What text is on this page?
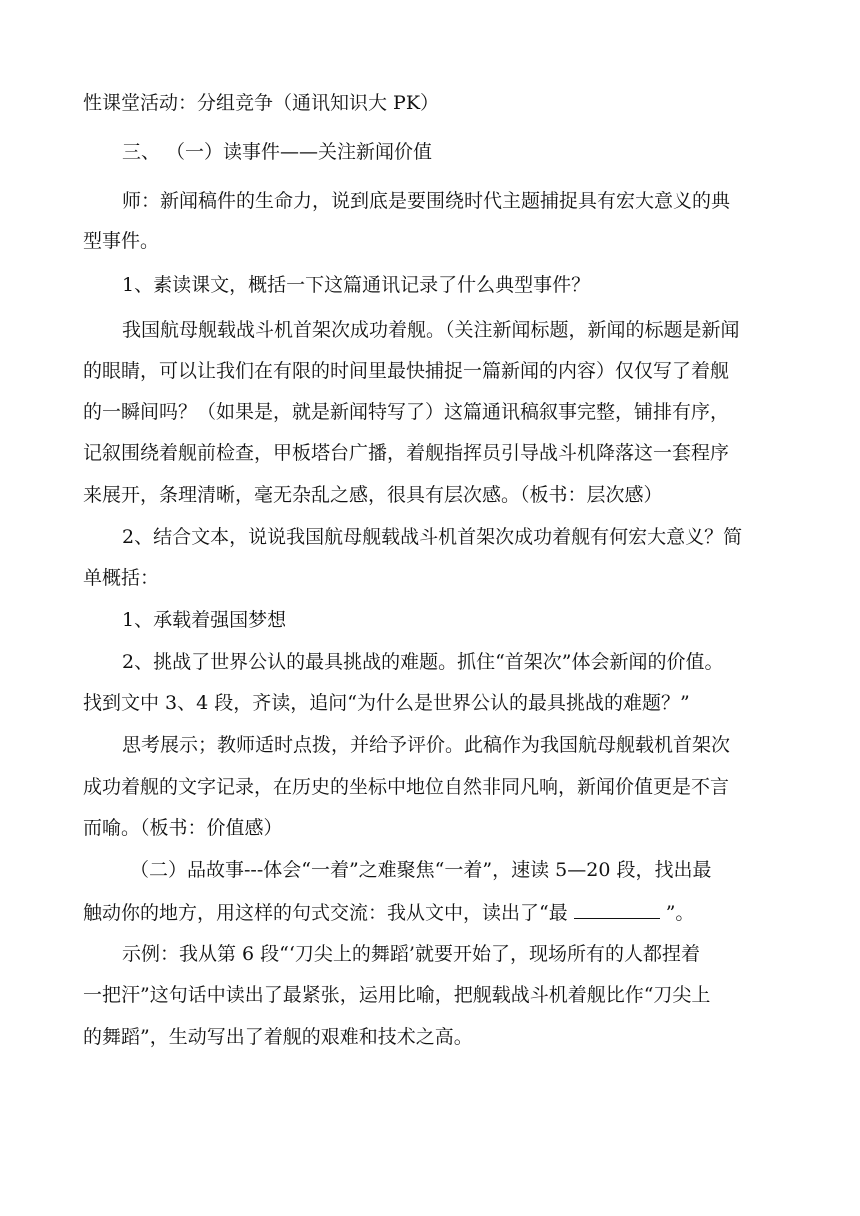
性课堂活动：分组竞争（通讯知识大 PK）
三、 （一）读事件——关注新闻价值
师：新闻稿件的生命力，说到底是要围绕时代主题捕捉具有宏大意义的典
型事件。
1、素读课文，概括一下这篇通讯记录了什么典型事件？
我国航母舰载战斗机首架次成功着舰。（关注新闻标题，新闻的标题是新闻
的眼睛，可以让我们在有限的时间里最快捕捉一篇新闻的内容）仅仅写了着舰
的一瞬间吗？（如果是，就是新闻特写了）这篇通讯稿叙事完整，铺排有序，
记叙围绕着舰前检查，甲板塔台广播，着舰指挥员引导战斗机降落这一套程序
来展开，条理清晰，毫无杂乱之感，很具有层次感。（板书：层次感）
2、结合文本，说说我国航母舰载战斗机首架次成功着舰有何宏大意义？简
单概括：
1、承载着强国梦想
2、挑战了世界公认的最具挑战的难题。抓住“首架次”体会新闻的价值。
找到文中 3、4 段，齐读，追问“为什么是世界公认的最具挑战的难题？”
思考展示；教师适时点拨，并给予评价。此稿作为我国航母舰载机首架次
成功着舰的文字记录，在历史的坐标中地位自然非同凡响，新闻价值更是不言
而喻。（板书：价值感）
（二）品故事---体会“一着”之难聚焦“一着”，速读 5—20 段，找出最
触动你的地方，用这样的句式交流：我从文中，读出了“最	”。
示例：我从第 6 段“‘刀尖上的舞蹈’就要开始了，现场所有的人都捏着
一把汗”这句话中读出了最紧张，运用比喻，把舰载战斗机着舰比作“刀尖上
的舞蹈”，生动写出了着舰的艰难和技术之高。
